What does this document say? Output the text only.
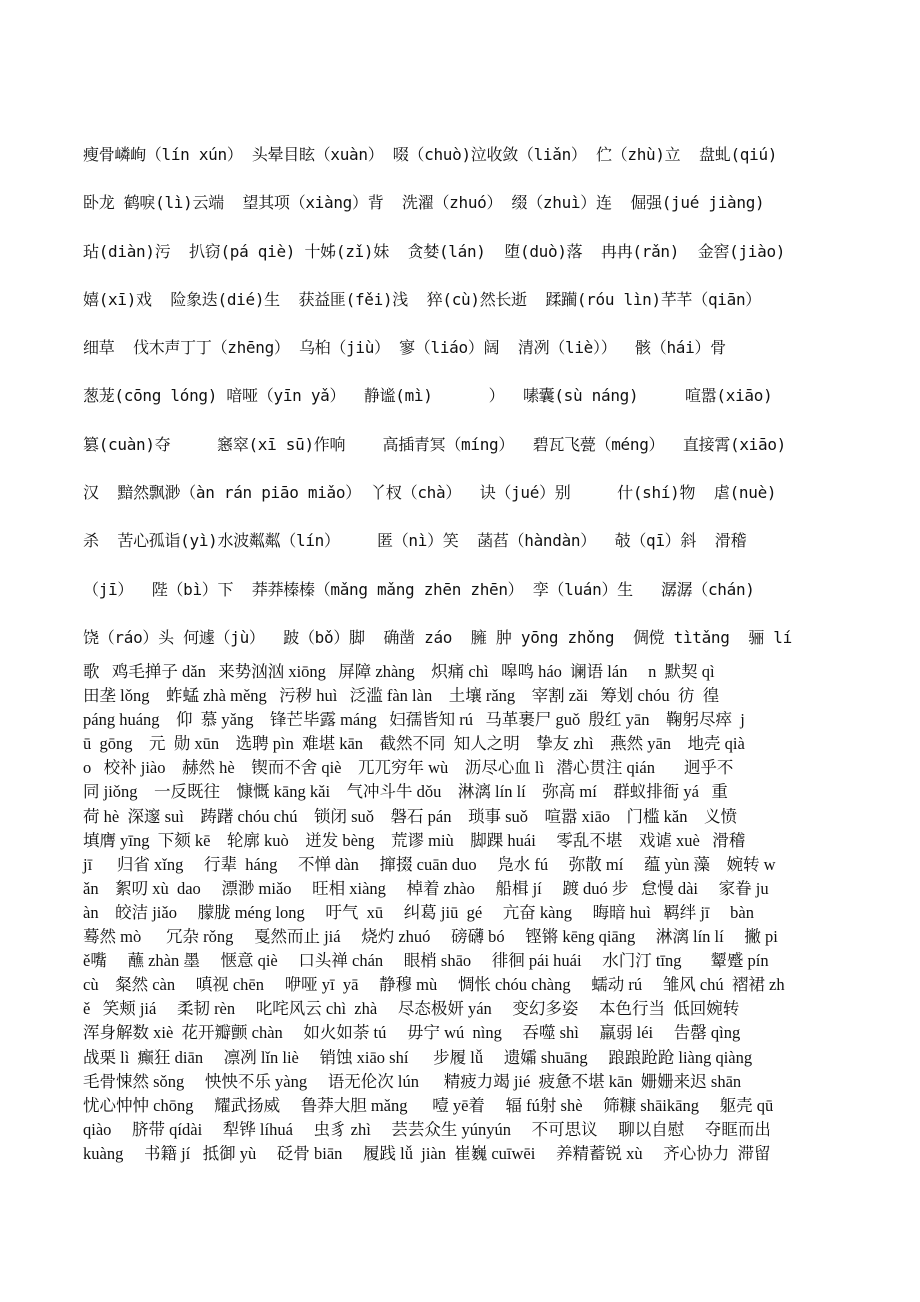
瘦骨嶙峋（lín xún） 头晕目眩（xuàn） 啜（chuò)泣收敛（liǎn） 伫（zhù)立  盘虬(qiú)
卧龙 鹤唳(lì)云端  望其项（xiàng）背  洗濯（zhuó） 缀（zhuì）连  倔强(jué jiàng)
玷(diàn)污  扒窃(pá qiè) 十姊(zǐ)妹  贪婪(lán)  堕(duò)落  冉冉(rǎn)  金窖(jiào)
嬉(xī)戏  险象迭(dié)生  获益匪(fěi)浅  猝(cù)然长逝  蹂躏(róu lìn)芊芊（qiān）
细草  伐木声丁丁（zhēng） 乌桕（jiù） 寥（liáo）阔  清冽（liè））  骸（hái）骨
葱茏(cōng lóng) 喑哑（yīn yǎ）  静谧(mì)      ）  嗉囊(sù náng)     喧嚣(xiāo)
篡(cuàn)夺     窸窣(xī sū)作响    高插青冥（míng）  碧瓦飞甍（méng）  直接霄(xiāo)
汉  黯然飘渺（àn rán piāo miǎo） 丫杈（chà）  诀（jué）别     什(shí)物  虐(nuè)
杀  苦心孤诣(yì)水波粼粼（lín）    匿（nì）笑  菡萏（hàndàn）  攲（qī）斜  滑稽
（jī）  陛（bì）下  莽莽榛榛（mǎng mǎng zhēn zhēn） 孪（luán）生   潺潺（chán)
饶（ráo）头 何遽（jù）  跛（bǒ）脚  确凿 záo  臃 肿 yōng zhǒng  倜傥 tìtǎng  骊 lí
歌   鸡毛掸子 dǎn   来势汹汹 xiōng   屏障 zhàng    炽痛 chì   嗥鸣 háo  谰语 lán     n  默契 qì
田垄 lǒng    蚱蜢 zhà měng   污秽 huì   泛滥 fàn làn    土壤 rǎng    宰割 zǎi   筹划 chóu  彷  徨
páng huáng    仰  慕 yǎng    锋芒毕露 máng   妇孺皆知 rú   马革裹尸 guǒ  殷红 yān    鞠躬尽瘁  j
ū  gōng    元  勋 xūn    选聘 pìn  难堪 kān    截然不同  知人之明    挚友 zhì    燕然 yān    地壳 qià
o   校补 jiào    赫然 hè    锲而不舍 qiè    兀兀穷年 wù    沥尽心血 lì   潜心贯注 qián       迥乎不
同 jiǒng    一反既往    慷慨 kāng kǎi    气冲斗牛 dǒu    淋漓 lín lí    弥高 mí    群蚁排衙 yá   重
荷 hè  深邃 suì    踌躇 chóu chú    锁闭 suǒ    磐石 pán    琐事 suǒ    喧嚣 xiāo    门槛 kǎn    义愤
填膺 yīng  下颏 kē    轮廓 kuò    迸发 bèng    荒谬 miù    脚踝 huái     零乱不堪    戏谑 xuè   滑稽
jī      归省 xǐng     行辈  háng     不惮 dàn     撺掇 cuān duo     凫水 fú     弥散 mí     蕴 yùn 藻    婉转 w
ǎn    絮叨 xù  dao     漂渺 miǎo     旺相 xiàng     棹着 zhào     船楫 jí     踱 duó 步   怠慢 dài     家眷 ju
àn    皎洁 jiǎo     朦胧 méng long     吁气  xū     纠葛 jiū  gé     亢奋 kàng     晦暗 huì   羁绊 jī     bàn
蓦然 mò      冗杂 rǒng     戛然而止 jiá     烧灼 zhuó     磅礴 bó     铿锵 kēng qiāng     淋漓 lín lí     撇 pi
ě嘴     蘸 zhàn 墨     惬意 qiè     口头禅 chán     眼梢 shāo     徘徊 pái huái     水门汀 tīng       颦蹙 pín
cù    粲然 càn     嗔视 chēn     咿哑 yī  yā     静穆 mù     惆怅 chóu chàng     蠕动 rú     雏风 chú  褶裙 zh
ě   笑颊 jiá     柔韧 rèn     叱咤风云 chì  zhà     尽态极妍 yán     变幻多姿     本色行当  低回婉转
浑身解数 xiè  花开瓣颤 chàn     如火如荼 tú     毋宁 wú  nìng     吞噬 shì     羸弱 léi     告罄 qìng
战栗 lì  癫狂 diān     凛冽 lǐn liè     销蚀 xiāo shí      步履 lǚ     遗孀 shuāng     踉踉跄跄 liàng qiàng
毛骨悚然 sǒng     怏怏不乐 yàng     语无伦次 lún      精疲力竭 jié  疲惫不堪 kān  姗姗来迟 shān
忧心忡忡 chōng     耀武扬威     鲁莽大胆 mǎng      噎 yē着     辐 fú射 shè     筛糠 shāikāng     躯壳 qū
qiào     脐带 qídài     犁铧 líhuá     虫豸 zhì     芸芸众生 yúnyún     不可思议     聊以自慰     夺眶而出
kuàng     书籍 jí   抵御 yù     砭骨 biān     履践 lǚ  jiàn  崔巍 cuīwēi     养精蓄锐 xù     齐心协力  滞留
